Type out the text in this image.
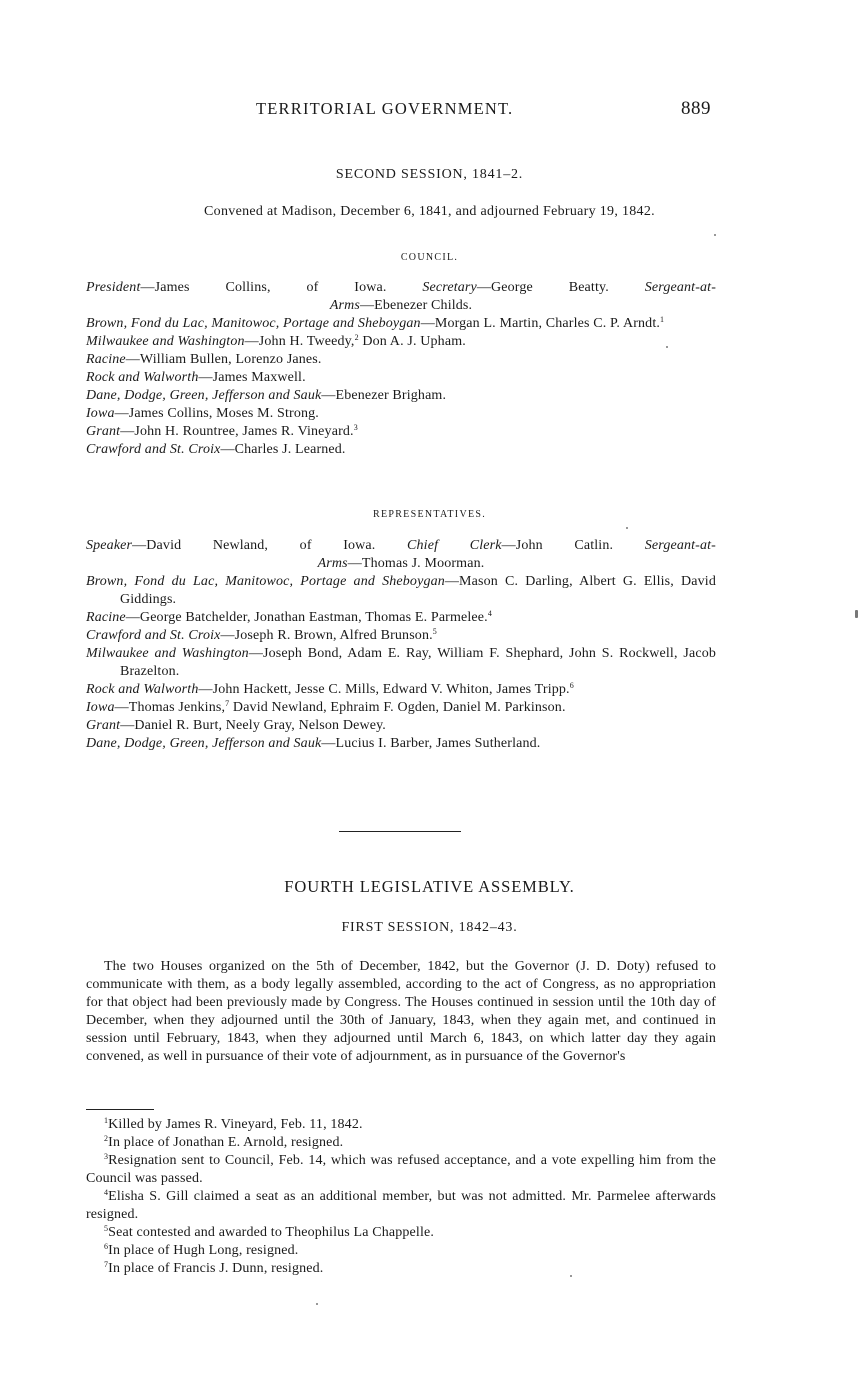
TERRITORIAL GOVERNMENT.	889
SECOND SESSION, 1841–2.
Convened at Madison, December 6, 1841, and adjourned February 19, 1842.
COUNCIL.

President—James Collins, of Iowa.	Secretary—George Beatty.	Sergeant-at-
Arms—Ebenezer Childs.

Brown, Fond du Lac, Manitowoc, Portage and Sheboygan—Morgan L. Martin, Charles C. P. Arndt.$^1$

Milwaukee and Washington—John H. Tweedy,$^2$ Don A. J. Upham.

Racine—William Bullen, Lorenzo Janes.

Rock and Walworth—James Maxwell.

Dane, Dodge, Green, Jefferson and Sauk—Ebenezer Brigham.

Iowa—James Collins, Moses M. Strong.

Grant—John H. Rountree, James R. Vineyard.$^3$

Crawford and St. Croix—Charles J. Learned.

REPRESENTATIVES.

Speaker—David Newland, of Iowa. Chief Clerk—John Catlin. Sergeant-at-
Arms—Thomas J. Moorman.

Brown, Fond du Lac, Manitowoc, Portage and Sheboygan—Mason C. Darling, Albert G. Ellis, David Giddings.

Racine—George Batchelder, Jonathan Eastman, Thomas E. Parmelee.$^4$

Crawford and St. Croix—Joseph R. Brown, Alfred Brunson.$^5$

Milwaukee and Washington—Joseph Bond, Adam E. Ray, William F. Shephard, John S. Rockwell, Jacob Brazelton.

Rock and Walworth—John Hackett, Jesse C. Mills, Edward V. Whiton, James Tripp.$^6$

Iowa—Thomas Jenkins,$^7$ David Newland, Ephraim F. Ogden, Daniel M. Parkinson.

Grant—Daniel R. Burt, Neely Gray, Nelson Dewey.

Dane, Dodge, Green, Jefferson and Sauk—Lucius I. Barber, James Sutherland.

FOURTH LEGISLATIVE ASSEMBLY.
FIRST SESSION, 1842–43.

The two Houses organized on the 5th of December, 1842, but the Governor (J. D. Doty) refused to communicate with them, as a body legally assembled, according to the act of Congress, as no appropriation for that object had been previously made by Congress. The Houses continued in session until the 10th day of December, when they adjourned until the 30th of January, 1843, when they again met, and continued in session until February, 1843, when they adjourned until March 6, 1843, on which latter day they again convened, as well in pursuance of their vote of adjournment, as in pursuance of the Governor's

$^1$Killed by James R. Vineyard, Feb. 11, 1842.

$^2$In place of Jonathan E. Arnold, resigned.

$^3$Resignation sent to Council, Feb. 14, which was refused acceptance, and a vote expelling him from the Council was passed.

$^4$Elisha S. Gill claimed a seat as an additional member, but was not admitted. Mr. Parmelee afterwards resigned.

$^5$Seat contested and awarded to Theophilus La Chappelle.

$^6$In place of Hugh Long, resigned.

$^7$In place of Francis J. Dunn, resigned.
